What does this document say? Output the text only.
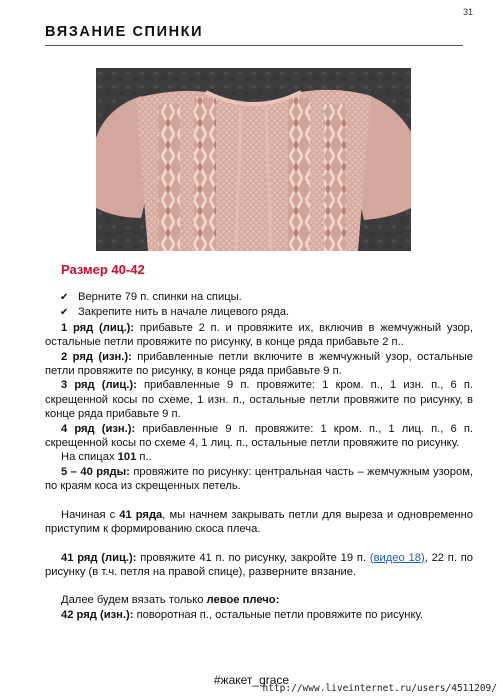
31
ВЯЗАНИЕ СПИНКИ
Размер 40-42

✔ Верните 79 п. спинки на спицы.

✔ Закрепите нить в начале лицевого ряда.

1 ряд (лиц.): прибавьте 2 п. и провяжите их, включив в жемчужный узор, остальные петли провяжите по рисунку, в конце ряда прибавьте 2 п..

2 ряд (изн.): прибавленные петли включите в жемчужный узор, остальные петли провяжите по рисунку, в конце ряда прибавьте 9 п.

3 ряд (лиц.): прибавленные 9 п. провяжите: 1 кром. п., 1 изн. п., 6 п. скрещенной косы по схеме, 1 изн. п., остальные петли провяжите по рисунку, в конце ряда прибавьте 9 п.

4 ряд (изн.): прибавленные 9 п. провяжите: 1 кром. п., 1 лиц. п., 6 п. скрещенной косы по схеме 4, 1 лиц. п., остальные петли провяжите по рисунку.

На спицах 101 п..

5 – 40 ряды: провяжите по рисунку: центральная часть – жемчужным узором, по краям коса из скрещенных петель.

Начиная с 41 ряда, мы начнем закрывать петли для выреза и одновременно приступим к формированию скоса плеча.

41 ряд (лиц.): провяжите 41 п. по рисунку, закройте 19 п. (видео 18), 22 п. по рисунку (в т.ч. петля на правой спице), разверните вязание.

Далее будем вязать только левое плечо:

42 ряд (изн.): поворотная п., остальные петли провяжите по рисунку.

#жакет_grace
http://www.liveinternet.ru/users/4511209/
